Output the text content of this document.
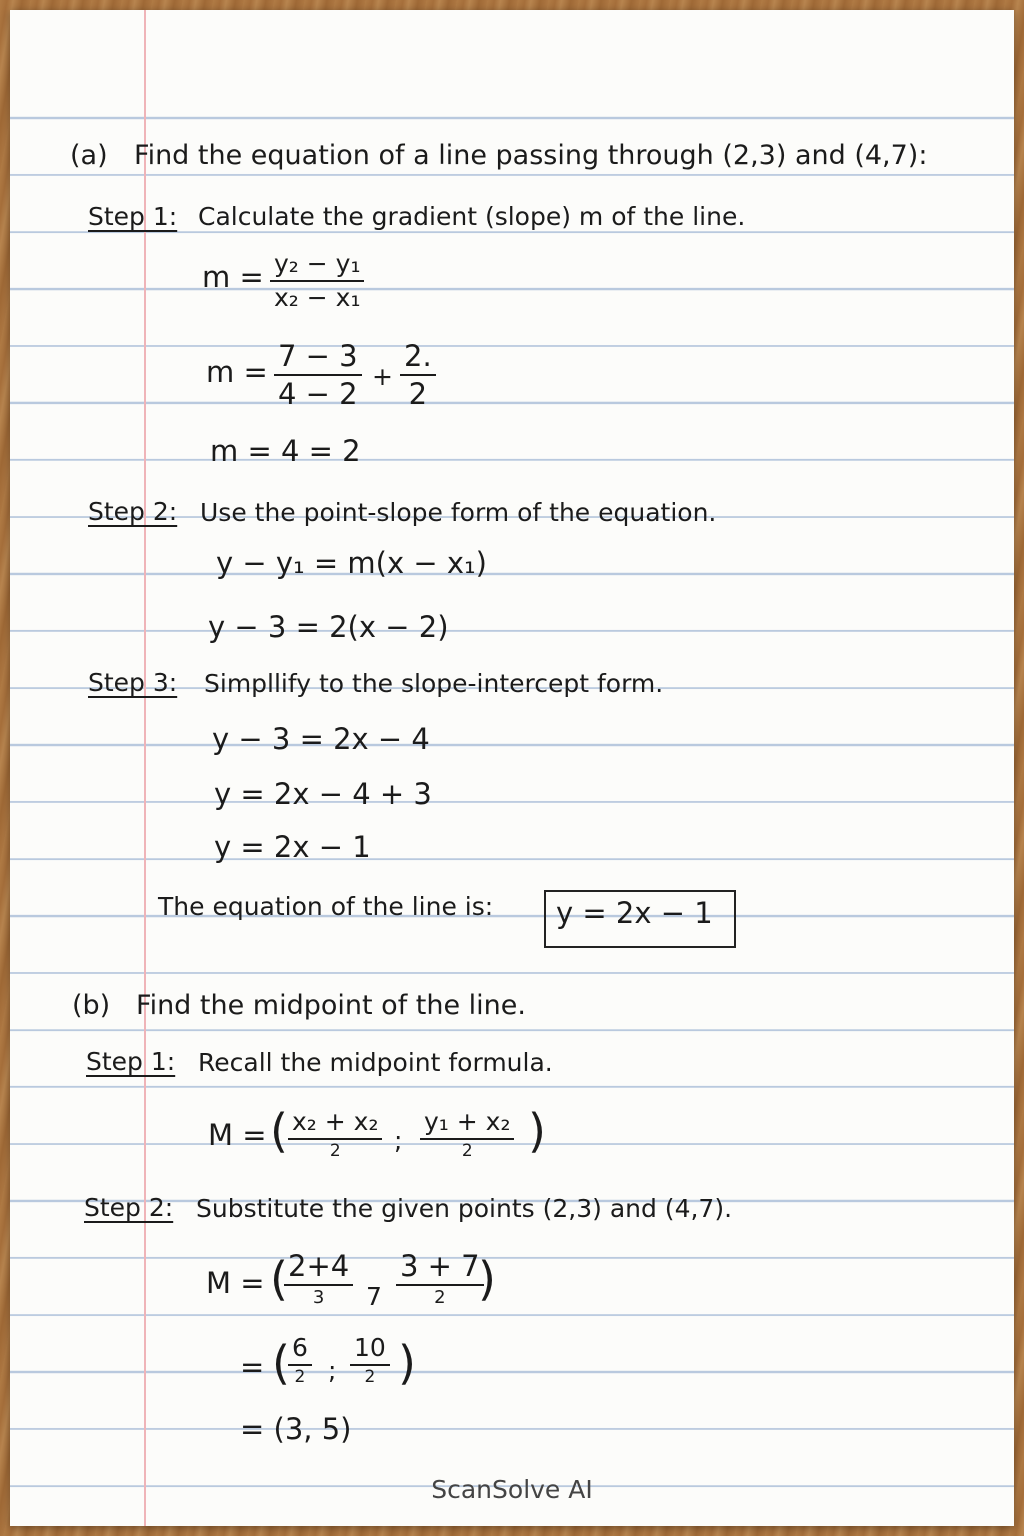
(a) Find the equation of a line passing through (2,3) and (4,7):
Step 1: Calculate the gradient (slope) m of the line.
$m = \frac{\text{y₂ − y₁}}{\text{x₂ − x₁}}$
$m = \frac{7 - 3}{4 - 2} + \frac{2.}{2}$
m = 4 = 2
Step 2: Use the point-slope form of the equation.
y − y₁ = m(x − x₁)
y − 3 = 2(x − 2)
Step 3: Simpllify to the slope-intercept form.
y − 3 = 2x − 4
y = 2x − 4 + 3
y = 2x − 1
The equation of the line is: y = 2x − 1
(b) Find the midpoint of the line.
Step 1: Recall the midpoint formula.
M = ( x₂ + x₂
2 ;
y₁ + x₂
2 )
Step 2: Substitute the given points (2,3) and (4,7).
M = ( 2+4
3 7
3 + 7
2 )
= ( 6
2 ;
10
2 )
= (3, 5)
ScanSolve AI
